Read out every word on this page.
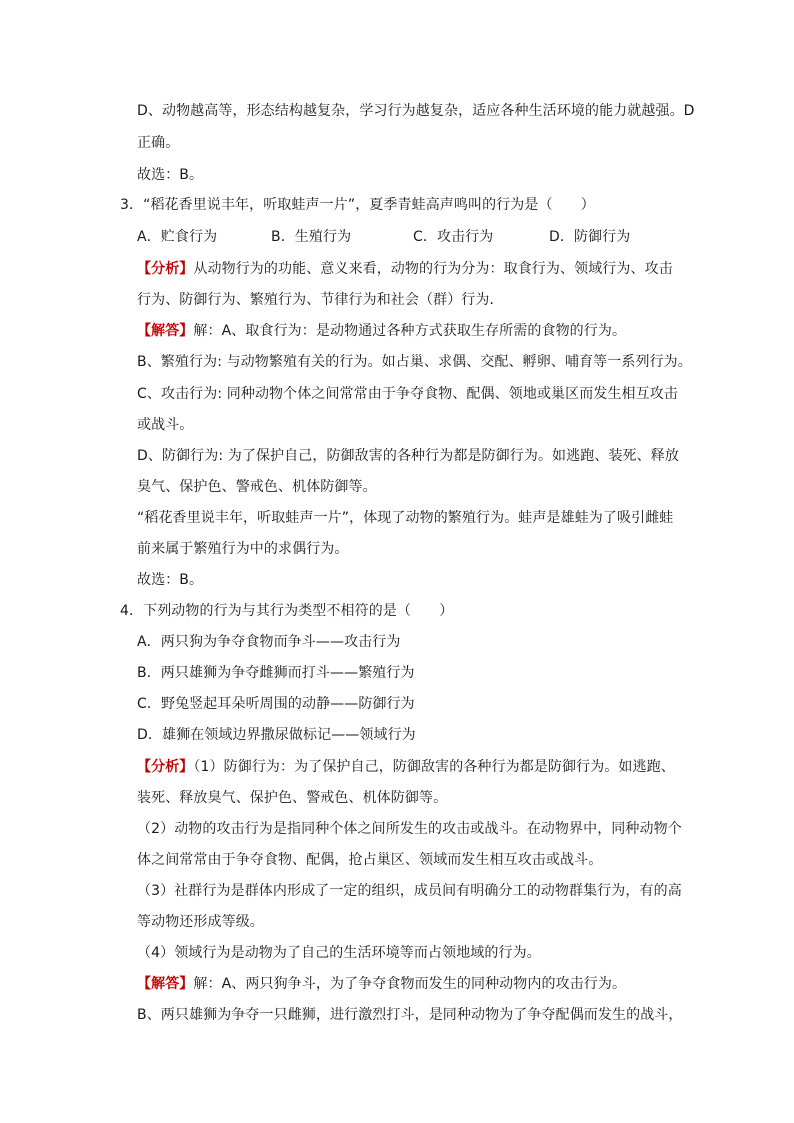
D、动物越高等，形态结构越复杂，学习行为越复杂，适应各种生活环境的能力就越强。D
正确。
故选：B。
3．“稻花香里说丰年，听取蛙声一片”，夏季青蛙高声鸣叫的行为是（　　）
A．贮食行为	B．生殖行为	C．攻击行为	D．防御行为
【分析】从动物行为的功能、意义来看，动物的行为分为：取食行为、领域行为、攻击
行为、防御行为、繁殖行为、节律行为和社会（群）行为．
【解答】解：A、取食行为：是动物通过各种方式获取生存所需的食物的行为。
B、繁殖行为: 与动物繁殖有关的行为。如占巢、求偶、交配、孵卵、哺育等一系列行为。
C、攻击行为: 同种动物个体之间常常由于争夺食物、配偶、领地或巢区而发生相互攻击
或战斗。
D、防御行为: 为了保护自己，防御敌害的各种行为都是防御行为。如逃跑、装死、释放
臭气、保护色、警戒色、机体防御等。
“稻花香里说丰年，听取蛙声一片”，体现了动物的繁殖行为。蛙声是雄蛙为了吸引雌蛙
前来属于繁殖行为中的求偶行为。
故选：B。
4．下列动物的行为与其行为类型不相符的是（　　）
A．两只狗为争夺食物而争斗——攻击行为
B．两只雄狮为争夺雌狮而打斗——繁殖行为
C．野兔竖起耳朵听周围的动静——防御行为
D．雄狮在领域边界撒尿做标记——领域行为
【分析】（1）防御行为：为了保护自己，防御敌害的各种行为都是防御行为。如逃跑、
装死、释放臭气、保护色、警戒色、机体防御等。
（2）动物的攻击行为是指同种个体之间所发生的攻击或战斗。在动物界中，同种动物个
体之间常常由于争夺食物、配偶，抢占巢区、领域而发生相互攻击或战斗。
（3）社群行为是群体内形成了一定的组织，成员间有明确分工的动物群集行为，有的高
等动物还形成等级。
（4）领域行为是动物为了自己的生活环境等而占领地域的行为。
【解答】解：A、两只狗争斗，为了争夺食物而发生的同种动物内的攻击行为。
B、两只雄狮为争夺一只雌狮，进行激烈打斗，是同种动物为了争夺配偶而发生的战斗，
